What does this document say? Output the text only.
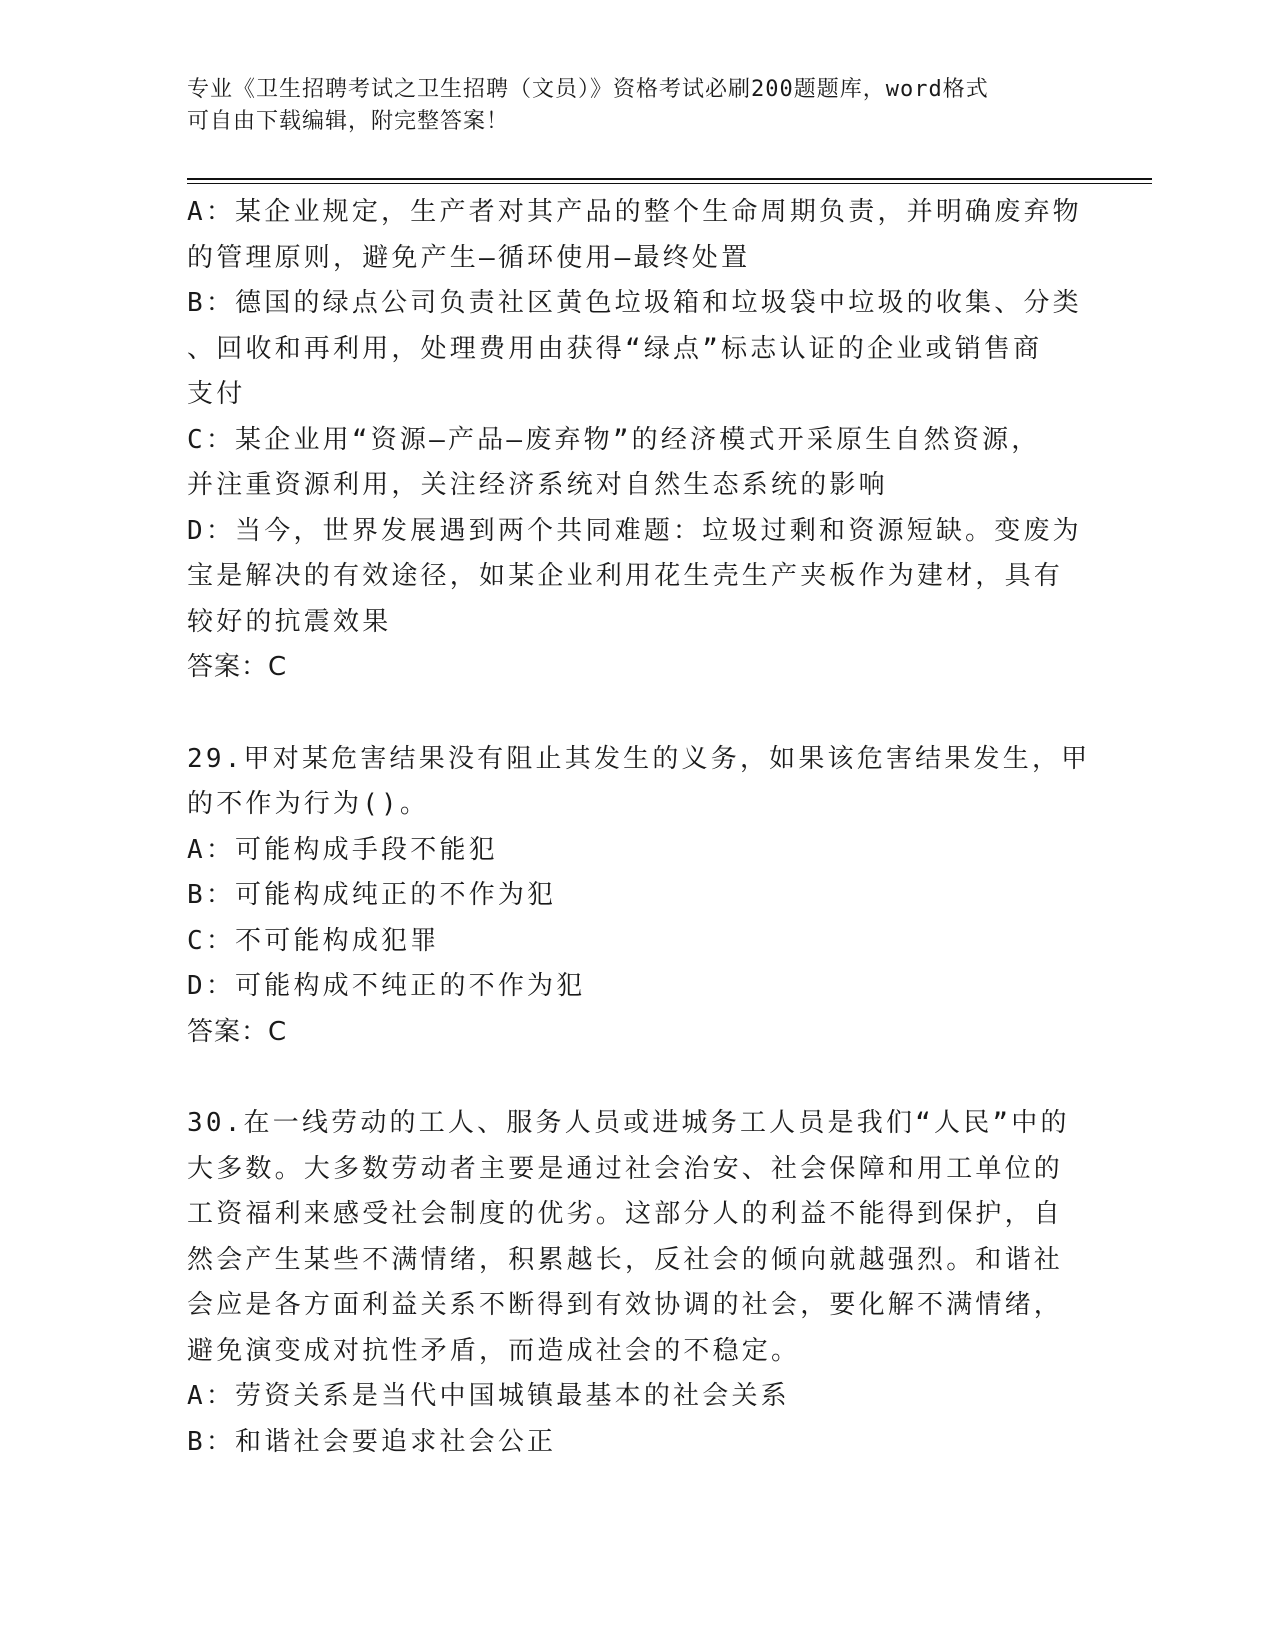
专业《卫生招聘考试之卫生招聘（文员）》资格考试必刷200题题库，word格式
可自由下载编辑，附完整答案！
A：某企业规定，生产者对其产品的整个生命周期负责，并明确废弃物
的管理原则，避免产生—循环使用—最终处置
B：德国的绿点公司负责社区黄色垃圾箱和垃圾袋中垃圾的收集、分类
、回收和再利用，处理费用由获得“绿点”标志认证的企业或销售商
支付
C：某企业用“资源—产品—废弃物”的经济模式开采原生自然资源，
并注重资源利用，关注经济系统对自然生态系统的影响
D：当今，世界发展遇到两个共同难题：垃圾过剩和资源短缺。变废为
宝是解决的有效途径，如某企业利用花生壳生产夹板作为建材，具有
较好的抗震效果
答案：C
29.甲对某危害结果没有阻止其发生的义务，如果该危害结果发生，甲
的不作为行为()。
A：可能构成手段不能犯
B：可能构成纯正的不作为犯
C：不可能构成犯罪
D：可能构成不纯正的不作为犯
答案：C
30.在一线劳动的工人、服务人员或进城务工人员是我们“人民”中的
大多数。大多数劳动者主要是通过社会治安、社会保障和用工单位的
工资福利来感受社会制度的优劣。这部分人的利益不能得到保护，自
然会产生某些不满情绪，积累越长，反社会的倾向就越强烈。和谐社
会应是各方面利益关系不断得到有效协调的社会，要化解不满情绪，
避免演变成对抗性矛盾，而造成社会的不稳定。
A：劳资关系是当代中国城镇最基本的社会关系
B：和谐社会要追求社会公正
